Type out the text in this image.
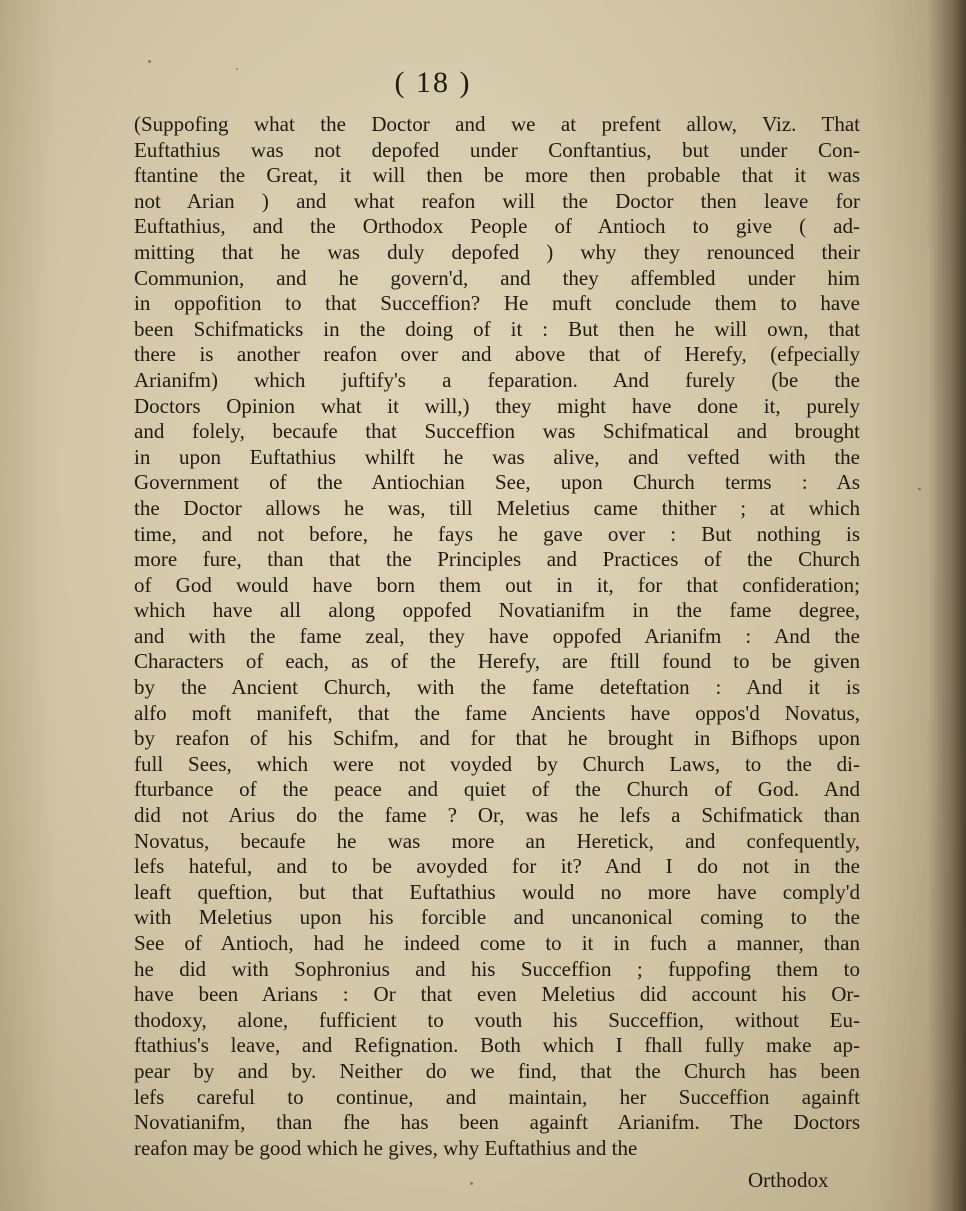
( 18 )
(Suppofing what the Doctor and we at prefent allow, Viz. That
Euftathius was not depofed under Conftantius, but under Con-
ftantine the Great, it will then be more then probable that it was
not Arian ) and what reafon will the Doctor then leave for
Euftathius, and the Orthodox People of Antioch to give ( ad-
mitting that he was duly depofed ) why they renounced their
Communion, and he govern'd, and they affembled under him
in oppofition to that Succeffion? He muft conclude them to have
been Schifmaticks in the doing of it : But then he will own, that
there is another reafon over and above that of Herefy, (efpecially
Arianifm) which juftify's a feparation. And furely (be the
Doctors Opinion what it will,) they might have done it, purely
and folely, becaufe that Succeffion was Schifmatical and brought
in upon Euftathius whilft he was alive, and vefted with the
Government of the Antiochian See, upon Church terms : As
the Doctor allows he was, till Meletius came thither ; at which
time, and not before, he fays he gave over : But nothing is
more fure, than that the Principles and Practices of the Church
of God would have born them out in it, for that confideration;
which have all along oppofed Novatianifm in the fame degree,
and with the fame zeal, they have oppofed Arianifm : And the
Characters of each, as of the Herefy, are ftill found to be given
by the Ancient Church, with the fame deteftation : And it is
alfo moft manifeft, that the fame Ancients have oppos'd Novatus,
by reafon of his Schifm, and for that he brought in Bifhops upon
full Sees, which were not voyded by Church Laws, to the di-
fturbance of the peace and quiet of the Church of God. And
did not Arius do the fame ? Or, was he lefs a Schifmatick than
Novatus, becaufe he was more an Heretick, and confequently,
lefs hateful, and to be avoyded for it? And I do not in the
leaft queftion, but that Euftathius would no more have comply'd
with Meletius upon his forcible and uncanonical coming to the
See of Antioch, had he indeed come to it in fuch a manner, than
he did with Sophronius and his Succeffion ; fuppofing them to
have been Arians : Or that even Meletius did account his Or-
thodoxy, alone, fufficient to vouth his Succeffion, without Eu-
ftathius's leave, and Refignation. Both which I fhall fully make ap-
pear by and by. Neither do we find, that the Church has been
lefs careful to continue, and maintain, her Succeffion againft
Novatianifm, than fhe has been againft Arianifm. The Doctors
reafon may be good which he gives, why Euftathius and the
Orthodox
